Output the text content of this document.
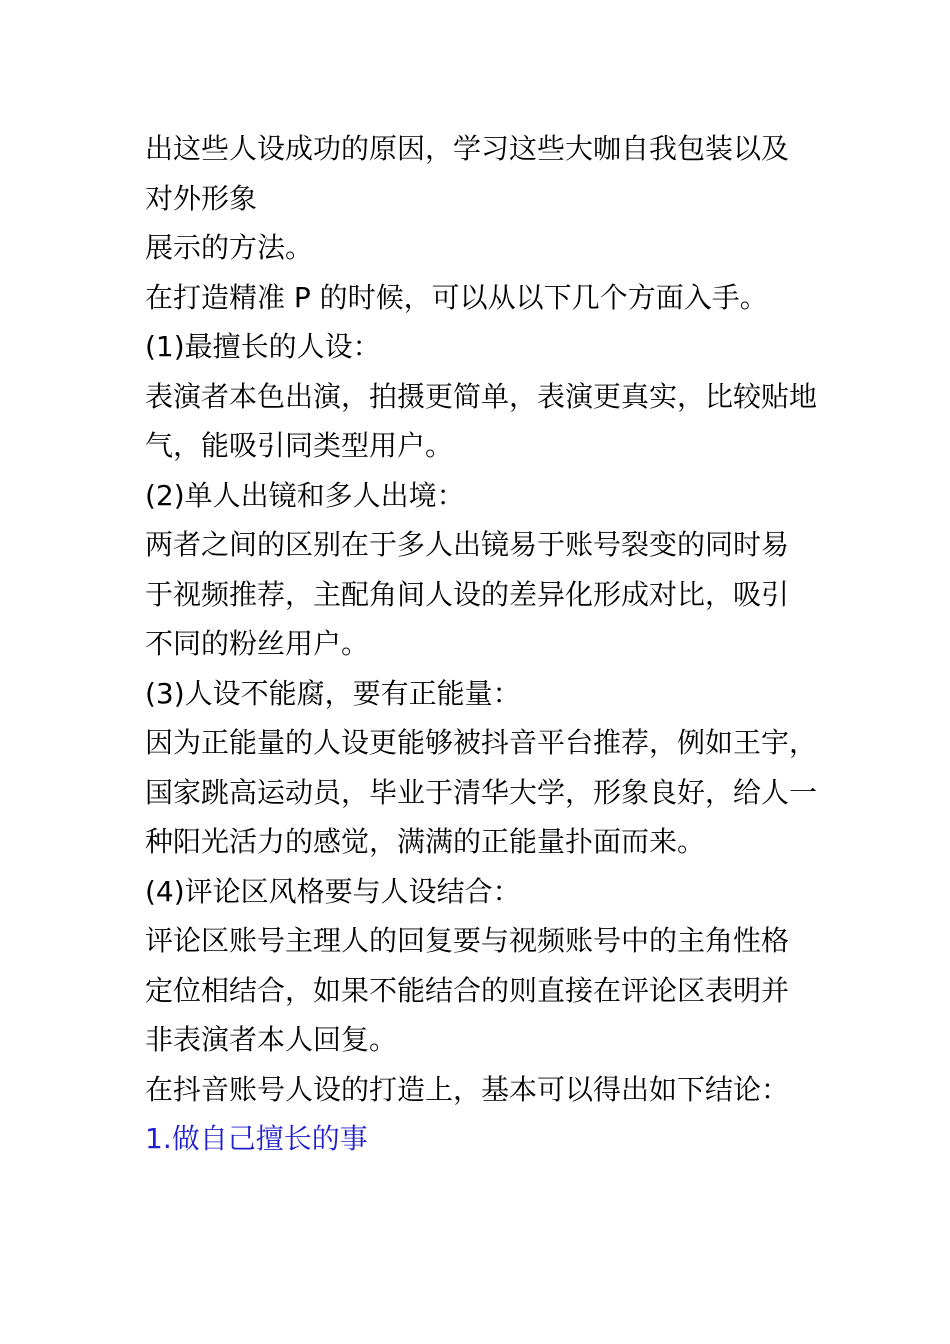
出这些人设成功的原因，学习这些大咖自我包装以及

对外形象

展示的方法。

在打造精准 P 的时候，可以从以下几个方面入手。

(1)最擅长的人设：

表演者本色出演，拍摄更简单，表演更真实，比较贴地

气，能吸引同类型用户。

(2)单人出镜和多人出境：

两者之间的区别在于多人出镜易于账号裂变的同时易

于视频推荐，主配角间人设的差异化形成对比，吸引

不同的粉丝用户。

(3)人设不能腐，要有正能量：

因为正能量的人设更能够被抖音平台推荐，例如王宇，

国家跳高运动员，毕业于清华大学，形象良好，给人一

种阳光活力的感觉，满满的正能量扑面而来。

(4)评论区风格要与人设结合：

评论区账号主理人的回复要与视频账号中的主角性格

定位相结合，如果不能结合的则直接在评论区表明并

非表演者本人回复。

在抖音账号人设的打造上，基本可以得出如下结论：

1.做自己擅长的事
